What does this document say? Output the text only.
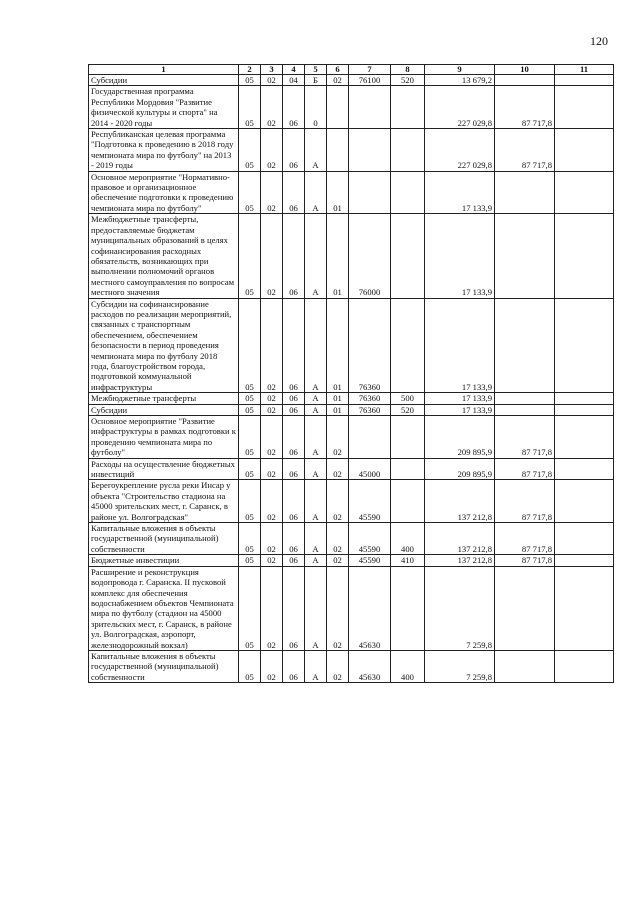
120
1	2	3	4	5	6	7	8	9	10	11
Субсидии	05	02	04	Б	02	76100	520	13 679,2		
Государственная программа Республики Мордовия "Развитие физической культуры и спорта" на 2014 - 2020 годы	05	02	06	0				227 029,8	87 717,8	
Республиканская целевая программа "Подготовка к проведению в 2018 году чемпионата мира по футболу" на 2013 - 2019 годы	05	02	06	А				227 029,8	87 717,8	
Основное мероприятие "Нормативно-правовое и организационное обеспечение подготовки к проведению чемпионата мира по футболу"	05	02	06	А	01			17 133,9		
Межбюджетные трансферты, предоставляемые бюджетам муниципальных образований в целях софинансирования расходных обязательств, возникающих при выполнении полномочий органов местного самоуправления по вопросам местного значения	05	02	06	А	01	76000		17 133,9		
Субсидии на софинансирование расходов по реализации мероприятий, связанных с транспортным обеспечением, обеспечением безопасности в период проведения чемпионата мира по футболу 2018 года, благоустройством города, подготовкой коммунальной инфраструктуры	05	02	06	А	01	76360		17 133,9		
Межбюджетные трансферты	05	02	06	А	01	76360	500	17 133,9		
Субсидии	05	02	06	А	01	76360	520	17 133,9		
Основное мероприятие "Развитие инфраструктуры в рамках подготовки к проведению чемпионата мира по футболу"	05	02	06	А	02			209 895,9	87 717,8	
Расходы на осуществление бюджетных инвестиций	05	02	06	А	02	45000		209 895,9	87 717,8	
Берегоукрепление русла реки Инсар у объекта "Строительство стадиона на 45000 зрительских мест, г. Саранск, в районе ул. Волгоградская"	05	02	06	А	02	45590		137 212,8	87 717,8	
Капитальные вложения в объекты государственной (муниципальной) собственности	05	02	06	А	02	45590	400	137 212,8	87 717,8	
Бюджетные инвестиции	05	02	06	А	02	45590	410	137 212,8	87 717,8	
Расширение и реконструкция водопровода г. Саранска. II пусковой комплекс для обеспечения водоснабжением объектов Чемпионата мира по футболу (стадион на 45000 зрительских мест, г. Саранск, в районе ул. Волгоградская, аэропорт, железнодорожный вокзал)	05	02	06	А	02	45630		7 259,8		
Капитальные вложения в объекты государственной (муниципальной) собственности	05	02	06	А	02	45630	400	7 259,8		
